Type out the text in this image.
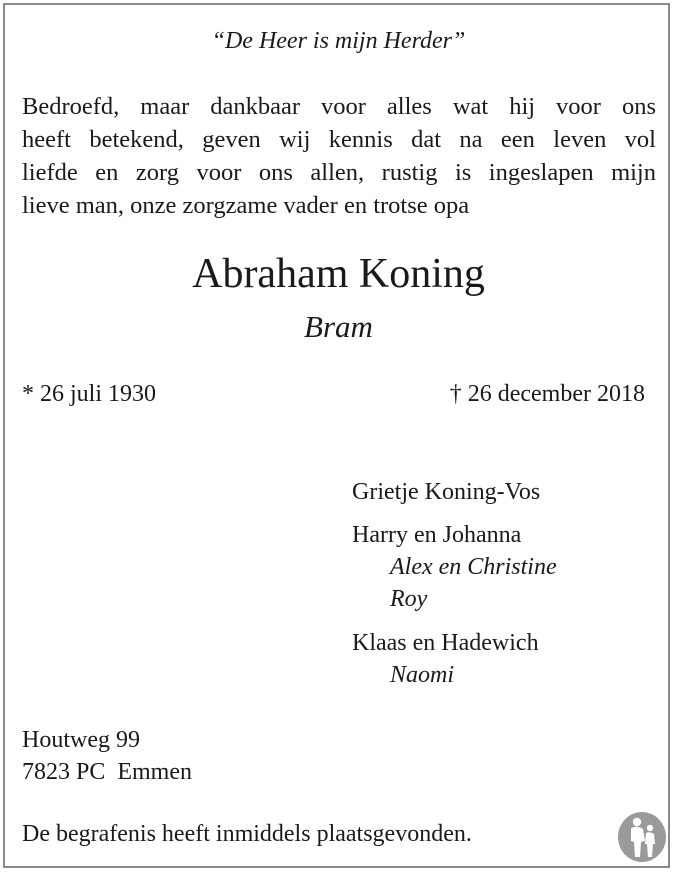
“De Heer is mijn Herder”
Bedroefd, maar dankbaar voor alles wat hij voor ons
heeft betekend, geven wij kennis dat na een leven vol
liefde en zorg voor ons allen, rustig is ingeslapen mijn
lieve man, onze zorgzame vader en trotse opa
Abraham Koning
Bram
* 26 juli 1930	† 26 december 2018
Grietje Koning-Vos
Harry en Johanna
Alex en Christine
Roy
Klaas en Hadewich
Naomi
Houtweg 99
7823 PC  Emmen
De begrafenis heeft inmiddels plaatsgevonden.
